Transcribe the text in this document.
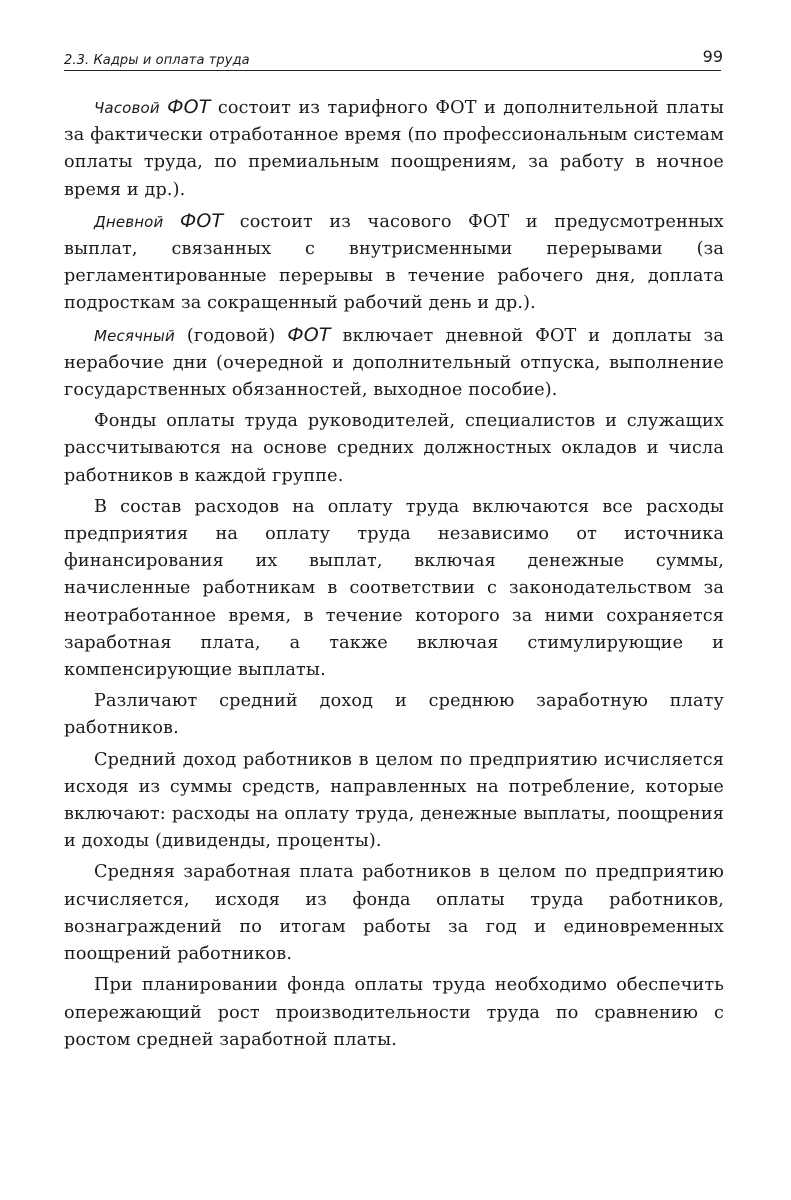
2.3. Кадры и оплата труда	99

Часовой ФОТ состоит из тарифного ФОТ и дополнительной платы за фактически отработанное время (по профессиональным системам оплаты труда, по премиальным поощрениям, за работу в ночное время и др.).

Дневной ФОТ состоит из часового ФОТ и предусмотренных выплат, связанных с внутрисменными перерывами (за регламентированные перерывы в течение рабочего дня, доплата подросткам за сокращенный рабочий день и др.).

Месячный (годовой) ФОТ включает дневной ФОТ и доплаты за нерабочие дни (очередной и дополнительный отпуска, выполнение государственных обязанностей, выходное пособие).

Фонды оплаты труда руководителей, специалистов и служащих рассчитываются на основе средних должностных окладов и числа работников в каждой группе.

В состав расходов на оплату труда включаются все расходы предприятия на оплату труда независимо от источника финансирования их выплат, включая денежные суммы, начисленные работникам в соответствии с законодательством за неотработанное время, в течение которого за ними сохраняется заработная плата, а также включая стимулирующие и компенсирующие выплаты.

Различают средний доход и среднюю заработную плату работников.

Средний доход работников в целом по предприятию исчисляется исходя из суммы средств, направленных на потребление, которые включают: расходы на оплату труда, денежные выплаты, поощрения и доходы (дивиденды, проценты).

Средняя заработная плата работников в целом по предприятию исчисляется, исходя из фонда оплаты труда работников, вознаграждений по итогам работы за год и единовременных поощрений работников.

При планировании фонда оплаты труда необходимо обеспечить опережающий рост производительности труда по сравнению с ростом средней заработной платы.
